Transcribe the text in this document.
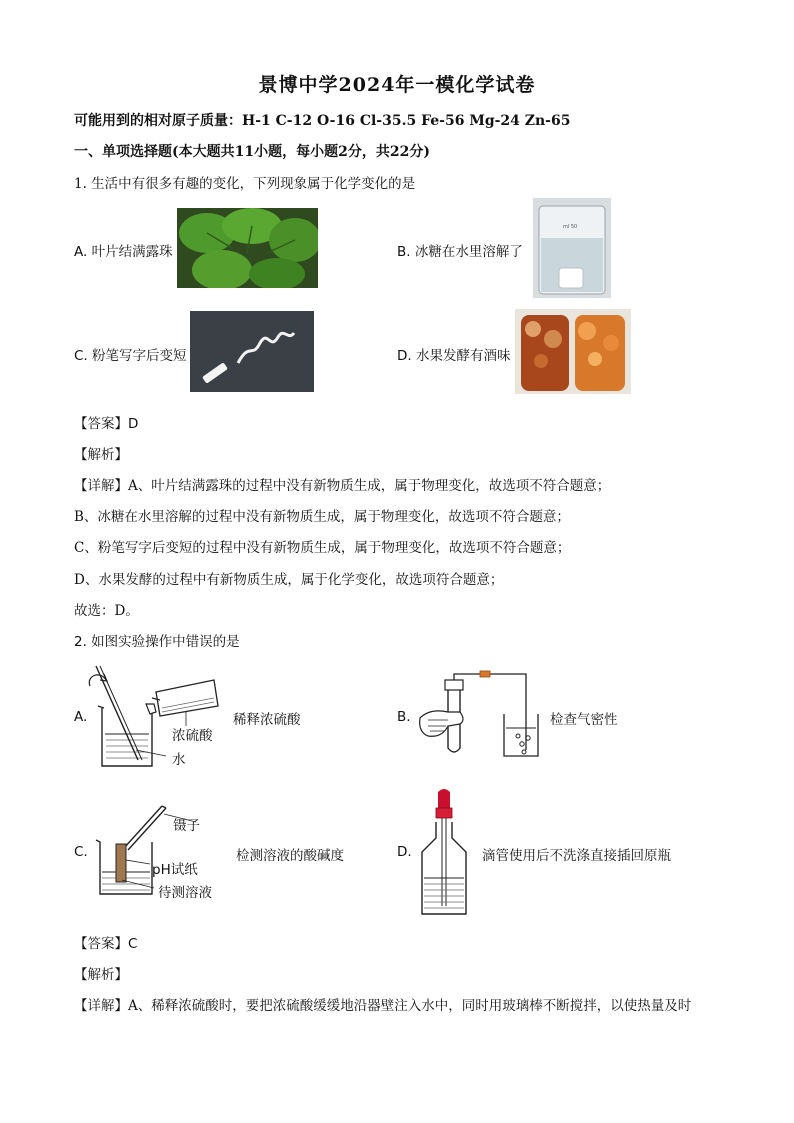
景博中学2024年一模化学试卷
可能用到的相对原子质量：H-1 C-12 O-16 Cl-35.5 Fe-56 Mg-24 Zn-65
一、单项选择题(本大题共11小题，每小题2分，共22分)
1. 生活中有很多有趣的变化，下列现象属于化学变化的是
A. 叶片结满露珠	B. 冰糖在水里溶解了
ml 50
C. 粉笔写字后变短	D. 水果发酵有酒味
【答案】D
【解析】
【详解】A、叶片结满露珠的过程中没有新物质生成，属于物理变化，故选项不符合题意；
B、冰糖在水里溶解的过程中没有新物质生成，属于物理变化，故选项不符合题意；
C、粉笔写字后变短的过程中没有新物质生成，属于物理变化，故选项不符合题意；
D、水果发酵的过程中有新物质生成，属于化学变化，故选项符合题意；
故选：D。
2. 如图实验操作中错误的是
A.	稀释浓硫酸
浓硫酸
水
B.	检查气密性
C.
镊子
pH试纸
待测溶液
检测溶液的酸碱度	D.	滴管使用后不洗涤直接插回原瓶
【答案】C
【解析】
【详解】A、稀释浓硫酸时，要把浓硫酸缓缓地沿器壁注入水中，同时用玻璃棒不断搅拌，以使热量及时
